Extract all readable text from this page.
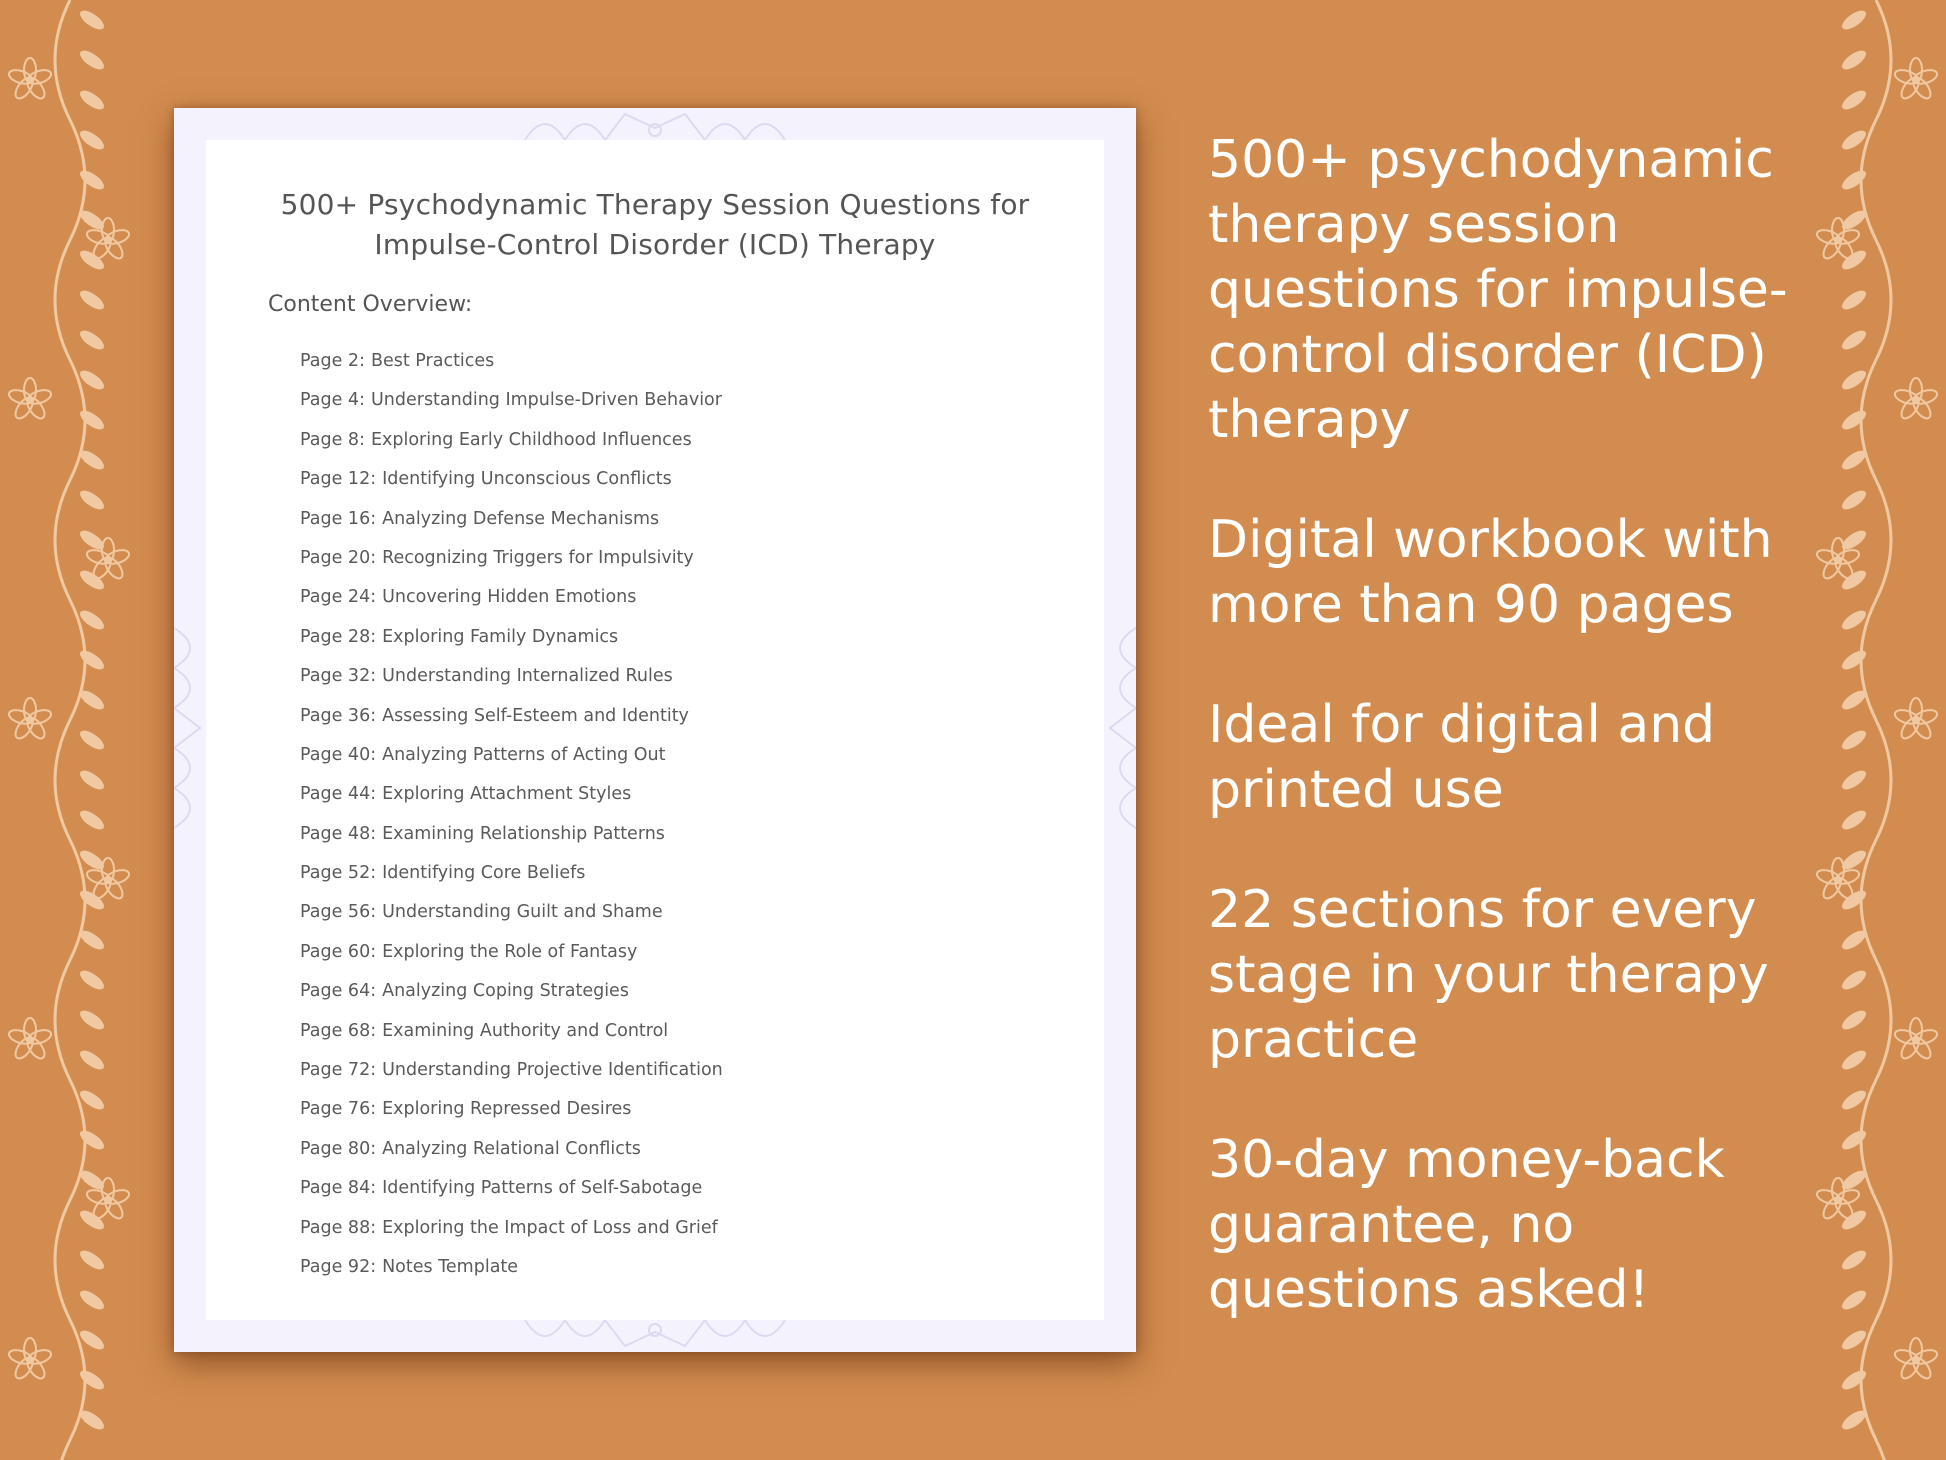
500+ Psychodynamic Therapy Session Questions for
Impulse-Control Disorder (ICD) Therapy
Content Overview:
Page 2: Best Practices
Page 4: Understanding Impulse-Driven Behavior
Page 8: Exploring Early Childhood Influences
Page 12: Identifying Unconscious Conflicts
Page 16: Analyzing Defense Mechanisms
Page 20: Recognizing Triggers for Impulsivity
Page 24: Uncovering Hidden Emotions
Page 28: Exploring Family Dynamics
Page 32: Understanding Internalized Rules
Page 36: Assessing Self-Esteem and Identity
Page 40: Analyzing Patterns of Acting Out
Page 44: Exploring Attachment Styles
Page 48: Examining Relationship Patterns
Page 52: Identifying Core Beliefs
Page 56: Understanding Guilt and Shame
Page 60: Exploring the Role of Fantasy
Page 64: Analyzing Coping Strategies
Page 68: Examining Authority and Control
Page 72: Understanding Projective Identification
Page 76: Exploring Repressed Desires
Page 80: Analyzing Relational Conflicts
Page 84: Identifying Patterns of Self-Sabotage
Page 88: Exploring the Impact of Loss and Grief
Page 92: Notes Template

500+ psychodynamic therapy session questions for impulse-control disorder (ICD) therapy

Digital workbook with more than 90 pages

Ideal for digital and printed use

22 sections for every stage in your therapy practice

30-day money-back guarantee, no questions asked!
